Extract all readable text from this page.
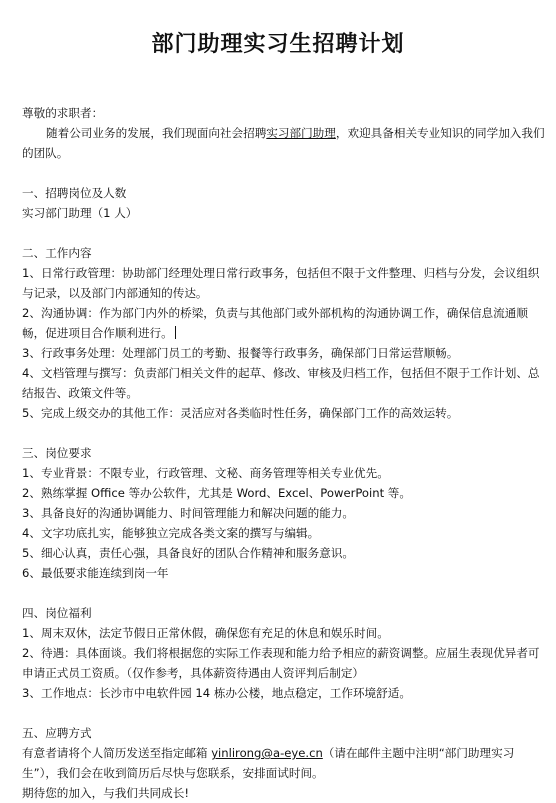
部门助理实习生招聘计划

尊敬的求职者：

随着公司业务的发展，我们现面向社会招聘实习部门助理，欢迎具备相关专业知识的同学加入我们的团队。

一、招聘岗位及人数

实习部门助理（1 人）

二、工作内容

1、日常行政管理：协助部门经理处理日常行政事务，包括但不限于文件整理、归档与分发，会议组织与记录，以及部门内部通知的传达。

2、沟通协调：作为部门内外的桥梁，负责与其他部门或外部机构的沟通协调工作，确保信息流通顺畅，促进项目合作顺利进行。

3、行政事务处理：处理部门员工的考勤、报餐等行政事务，确保部门日常运营顺畅。

4、文档管理与撰写：负责部门相关文件的起草、修改、审核及归档工作，包括但不限于工作计划、总结报告、政策文件等。

5、完成上级交办的其他工作：灵活应对各类临时性任务，确保部门工作的高效运转。

三、岗位要求

1、专业背景：不限专业，行政管理、文秘、商务管理等相关专业优先。

2、熟练掌握 Office 等办公软件，尤其是 Word、Excel、PowerPoint 等。

3、具备良好的沟通协调能力、时间管理能力和解决问题的能力。

4、文字功底扎实，能够独立完成各类文案的撰写与编辑。

5、细心认真，责任心强，具备良好的团队合作精神和服务意识。

6、最低要求能连续到岗一年

四、岗位福利

1、周末双休，法定节假日正常休假，确保您有充足的休息和娱乐时间。

2、待遇：具体面谈。我们将根据您的实际工作表现和能力给予相应的薪资调整。应届生表现优异者可申请正式员工资质。（仅作参考，具体薪资待遇由人资评判后制定）

3、工作地点：长沙市中电软件园 14 栋办公楼，地点稳定，工作环境舒适。

五、应聘方式

有意者请将个人简历发送至指定邮箱 yinlirong@a-eye.cn（请在邮件主题中注明“部门助理实习生”），我们会在收到简历后尽快与您联系，安排面试时间。

期待您的加入，与我们共同成长!
